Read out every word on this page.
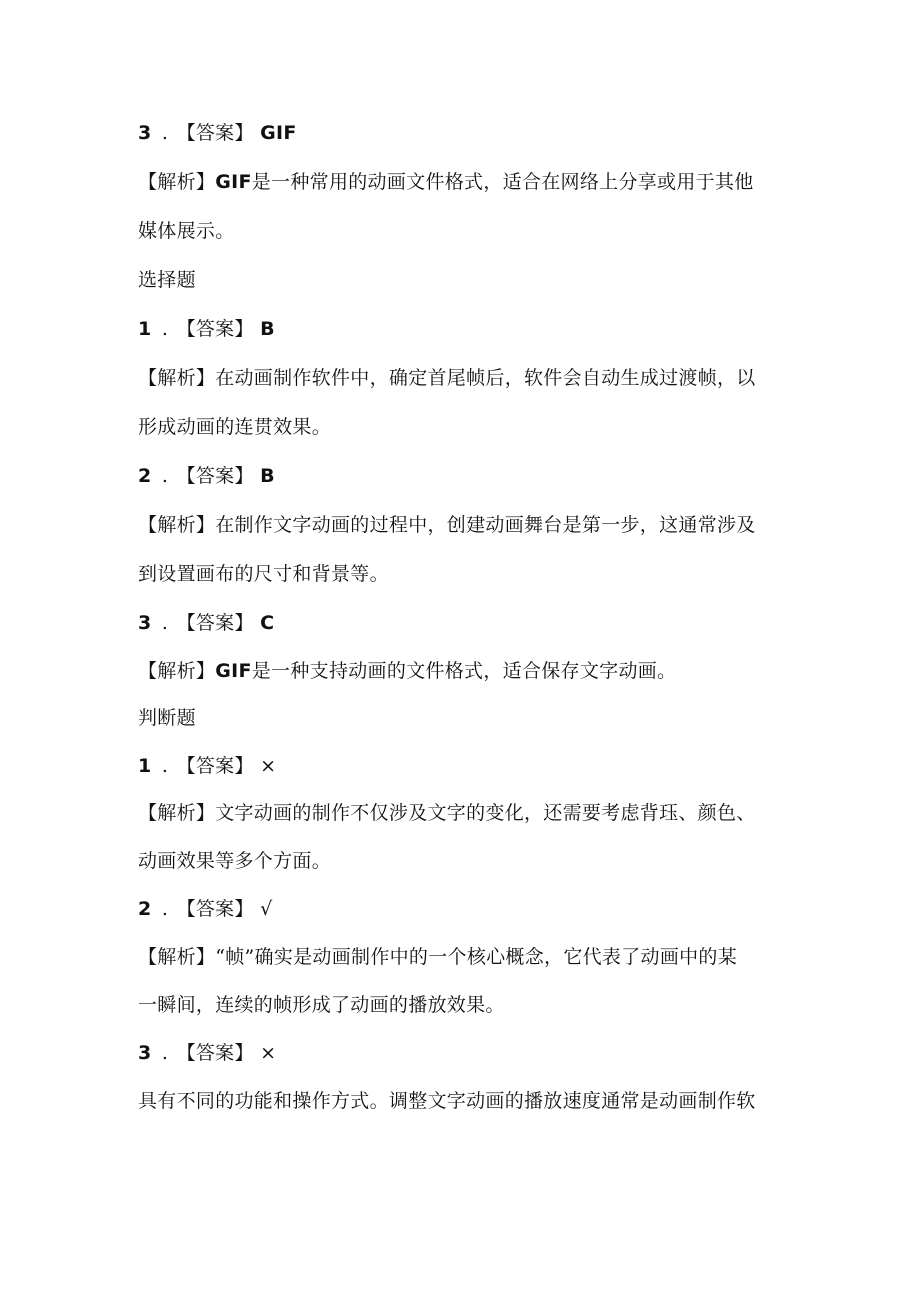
3 . 【答案】 GIF
【解析】GIF是一种常用的动画文件格式，适合在网络上分享或用于其他
媒体展示。
选择题
1 . 【答案】 B
【解析】在动画制作软件中，确定首尾帧后，软件会自动生成过渡帧，以
形成动画的连贯效果。
2 . 【答案】 B
【解析】在制作文字动画的过程中，创建动画舞台是第一步，这通常涉及
到设置画布的尺寸和背景等。
3 . 【答案】 C
【解析】GIF是一种支持动画的文件格式，适合保存文字动画。
判断题
1 . 【答案】 ×
【解析】文字动画的制作不仅涉及文字的变化，还需要考虑背珏、颜色、
动画效果等多个方面。
2 . 【答案】 √
【解析】“帧”确实是动画制作中的一个核心概念，它代表了动画中的某
一瞬间，连续的帧形成了动画的播放效果。
3 . 【答案】 ×
具有不同的功能和操作方式。调整文字动画的播放速度通常是动画制作软
